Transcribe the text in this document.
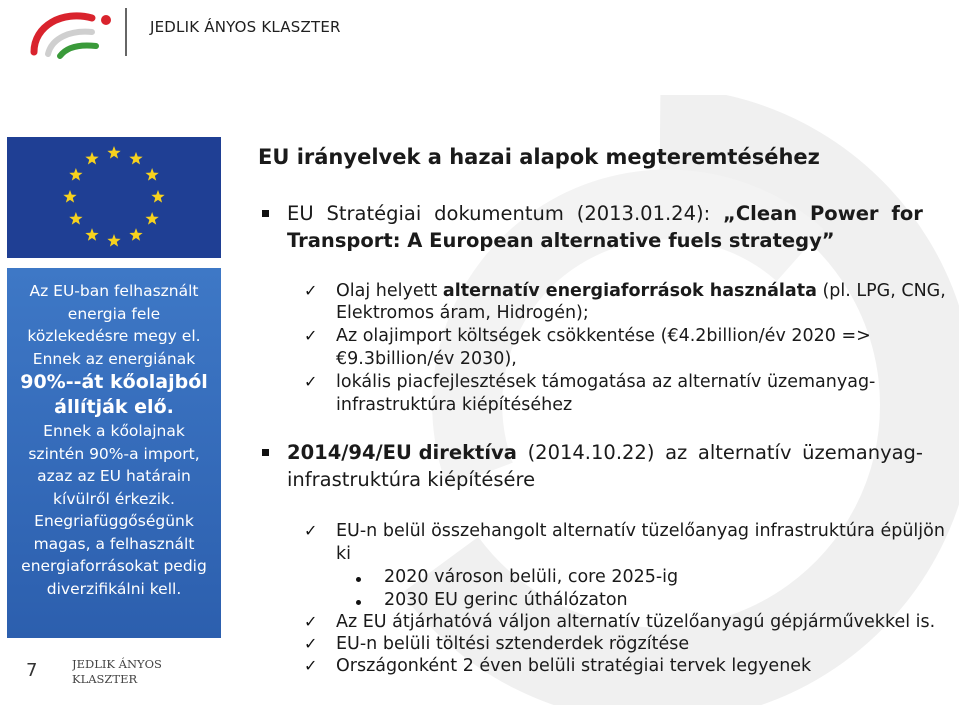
JEDLIK ÁNYOS KLASZTER
Az EU-ban felhasznált
energia fele
közlekedésre megy el.
Ennek az energiának
90%--át kőolajból
állítják elő.
Ennek a kőolajnak
szintén 90%-a import,
azaz az EU határain
kívülről érkezik.
Enegriafüggőségünk
magas, a felhasznált
energiaforrásokat pedig
diverzifikálni kell.
7	JEDLIK ÁNYOS
KLASZTER
EU irányelvek a hazai alapok megteremtéséhez
EU Stratégiai dokumentum (2013.01.24): „Clean Power for
Transport: A European alternative fuels strategy”
✓ Olaj helyett alternatív energiaforrások használata (pl. LPG, CNG,
Elektromos áram, Hidrogén);
✓ Az olajimport költségek csökkentése (€4.2billion/év 2020 =>
€9.3billion/év 2030),
✓ lokális piacfejlesztések támogatása az alternatív üzemanyag-
infrastruktúra kiépítéséhez
2014/94/EU direktíva (2014.10.22) az alternatív üzemanyag-
infrastruktúra kiépítésére
✓ EU-n belül összehangolt alternatív tüzelőanyag infrastruktúra épüljön
ki
2020 városon belüli, core 2025-ig
2030 EU gerinc úthálózaton
✓ Az EU átjárhatóvá váljon alternatív tüzelőanyagú gépjárművekkel is.
✓ EU-n belüli töltési sztenderdek rögzítése
✓ Országonként 2 éven belüli stratégiai tervek legyenek
